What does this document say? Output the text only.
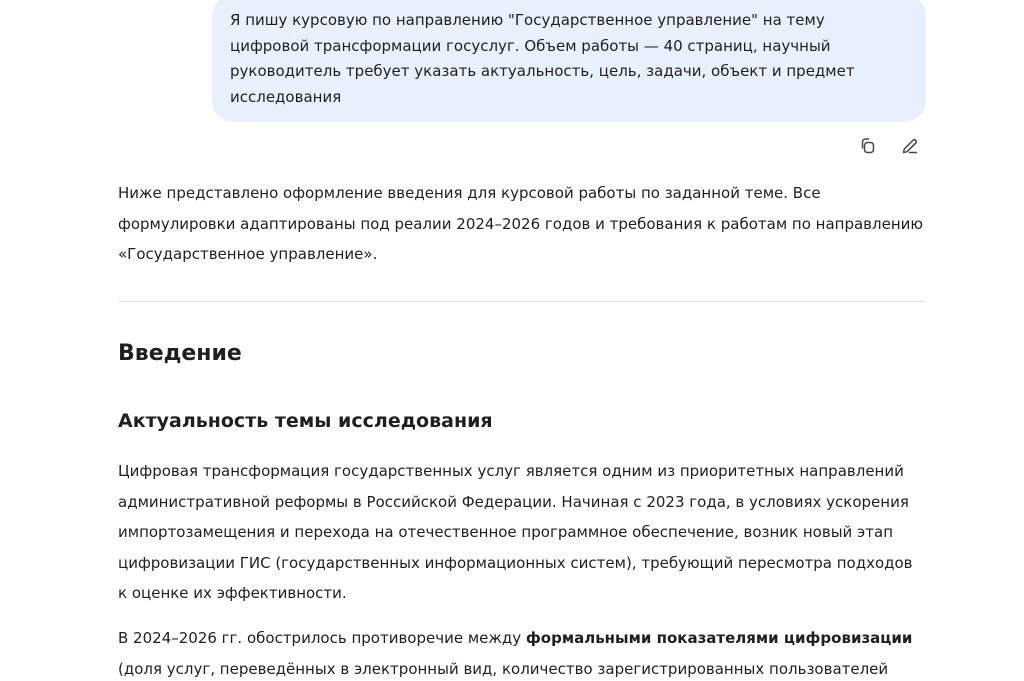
Я пишу курсовую по направлению "Государственное управление" на тему цифровой трансформации госуслуг. Объем работы — 40 страниц, научный руководитель требует указать актуальность, цель, задачи, объект и предмет исследования

Ниже представлено оформление введения для курсовой работы по заданной теме. Все формулировки адаптированы под реалии 2024–2026 годов и требования к работам по направлению «Государственное управление».

Введение
Актуальность темы исследования

Цифровая трансформация государственных услуг является одним из приоритетных направлений административной реформы в Российской Федерации. Начиная с 2023 года, в условиях ускорения импортозамещения и перехода на отечественное программное обеспечение, возник новый этап цифровизации ГИС (государственных информационных систем), требующий пересмотра подходов к оценке их эффективности.

В 2024–2026 гг. обострилось противоречие между формальными показателями цифровизации (доля услуг, переведённых в электронный вид, количество зарегистрированных пользователей
